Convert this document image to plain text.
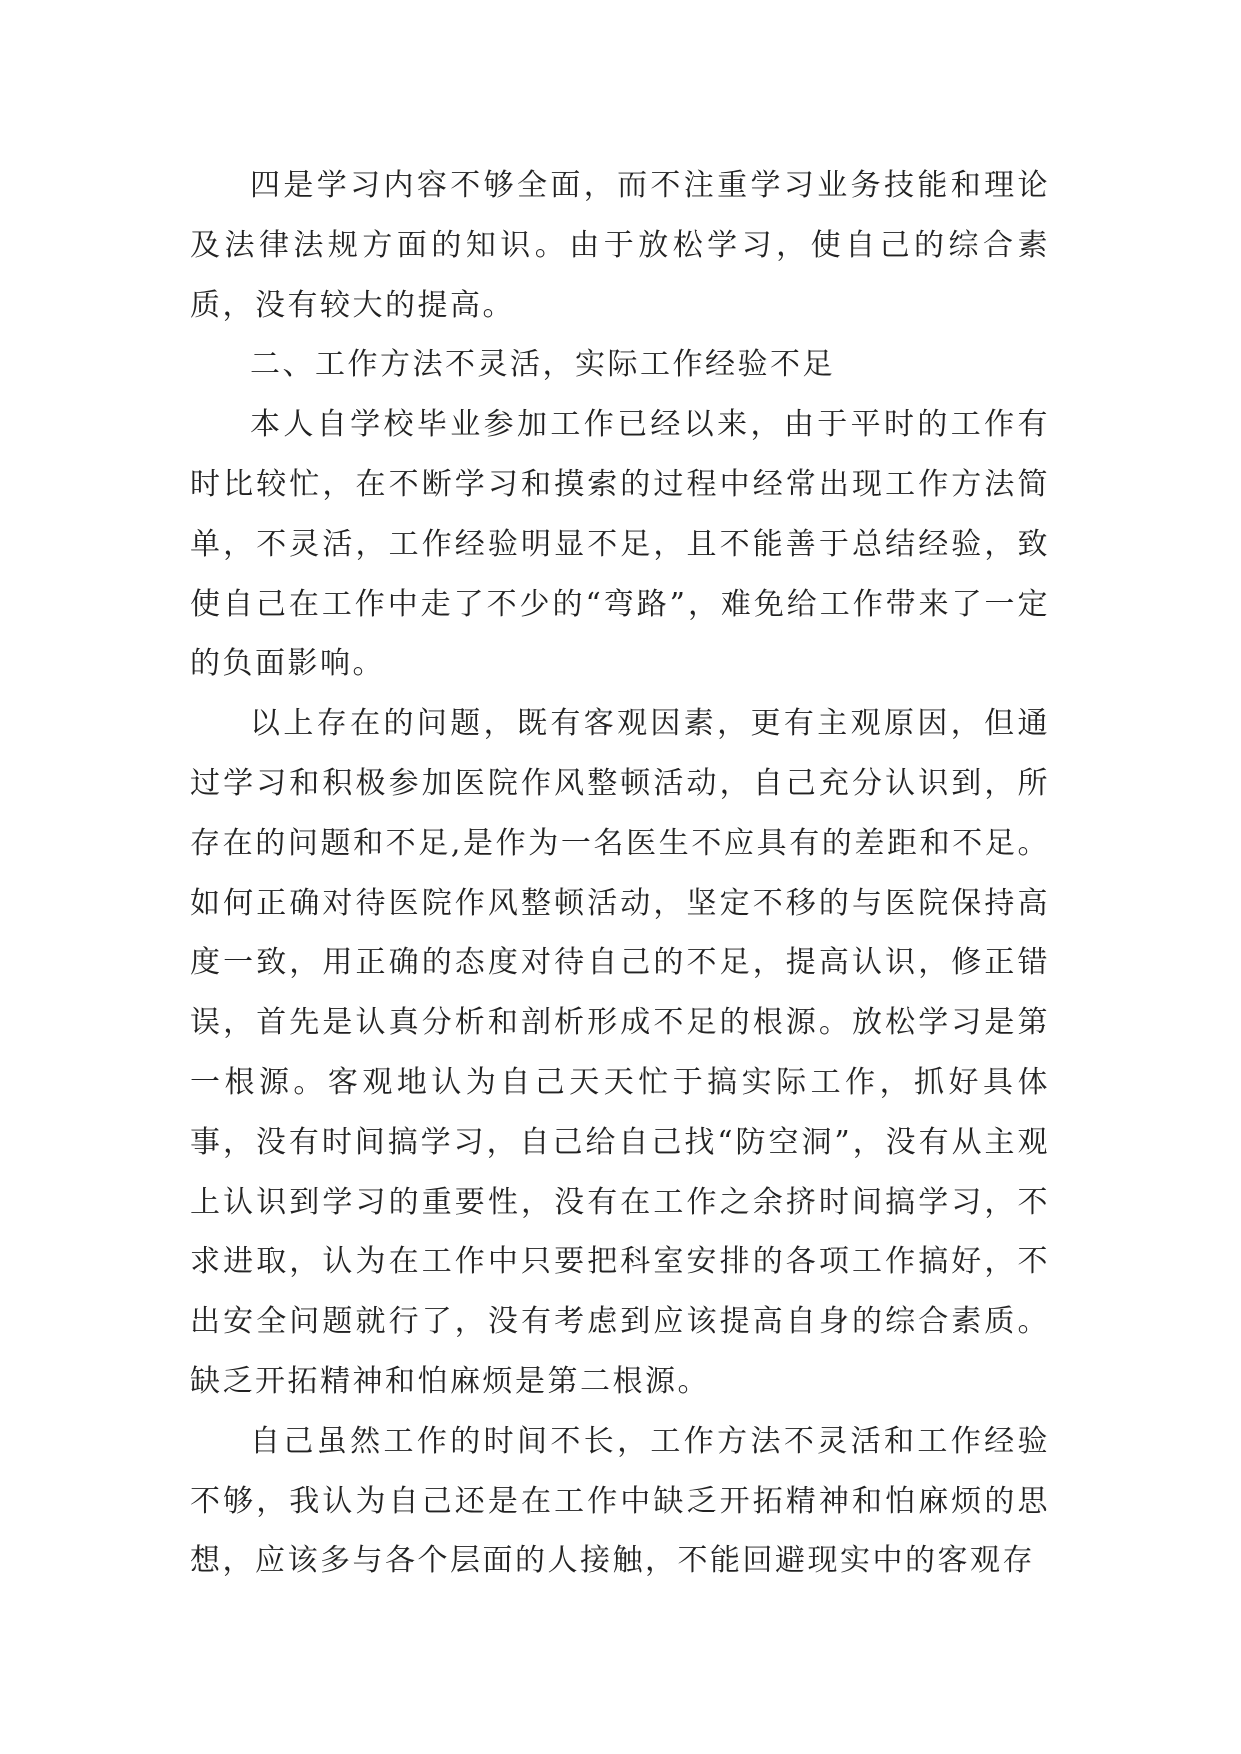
四是学习内容不够全面，而不注重学习业务技能和理论及法律法规方面的知识。由于放松学习，使自己的综合素质，没有较大的提高。

二、工作方法不灵活，实际工作经验不足

本人自学校毕业参加工作已经以来，由于平时的工作有时比较忙，在不断学习和摸索的过程中经常出现工作方法简单，不灵活，工作经验明显不足，且不能善于总结经验，致使自己在工作中走了不少的“弯路”，难免给工作带来了一定的负面影响。

以上存在的问题，既有客观因素，更有主观原因，但通过学习和积极参加医院作风整顿活动，自己充分认识到，所存在的问题和不足,是作为一名医生不应具有的差距和不足。如何正确对待医院作风整顿活动，坚定不移的与医院保持高度一致，用正确的态度对待自己的不足，提高认识，修正错误，首先是认真分析和剖析形成不足的根源。放松学习是第一根源。客观地认为自己天天忙于搞实际工作，抓好具体事，没有时间搞学习，自己给自己找“防空洞”，没有从主观上认识到学习的重要性，没有在工作之余挤时间搞学习，不求进取，认为在工作中只要把科室安排的各项工作搞好，不出安全问题就行了，没有考虑到应该提高自身的综合素质。缺乏开拓精神和怕麻烦是第二根源。

自己虽然工作的时间不长，工作方法不灵活和工作经验不够，我认为自己还是在工作中缺乏开拓精神和怕麻烦的思想，应该多与各个层面的人接触，不能回避现实中的客观存
